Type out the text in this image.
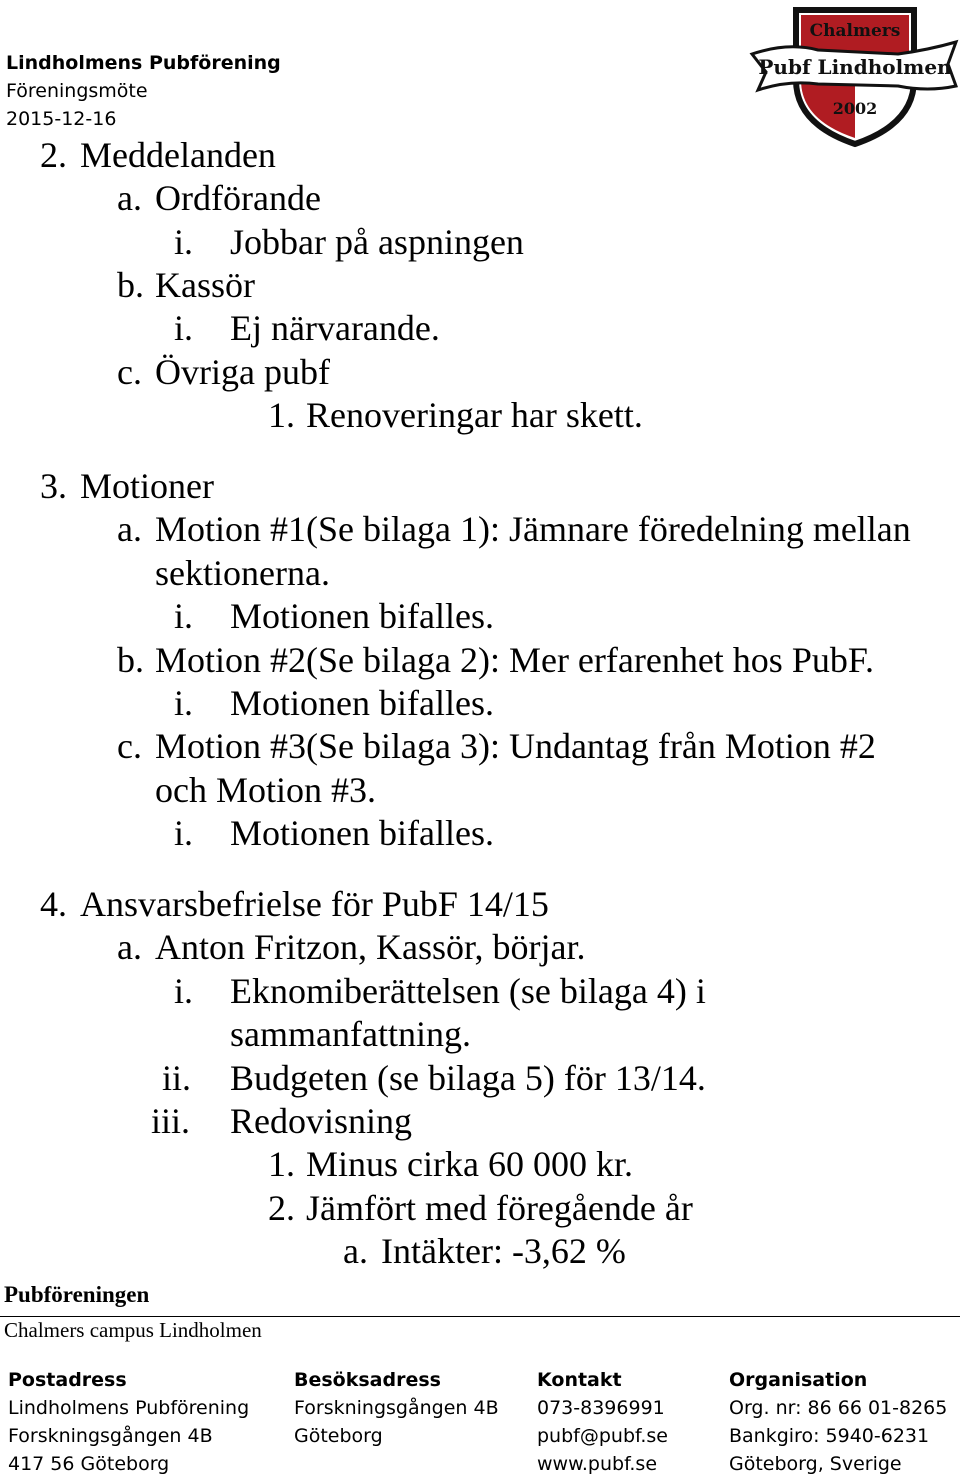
Lindholmens Pubförening
Föreningsmöte
2015-12-16
Chalmers
Pubf Lindholmen
2002
2. Meddelanden
a. Ordförande
i. Jobbar på aspningen
b. Kassör
i. Ej närvarande.
c. Övriga pubf
1. Renoveringar har skett.
3. Motioner
a. Motion #1(Se bilaga 1): Jämnare föredelning mellan
sektionerna.
i. Motionen bifalles.
b. Motion #2(Se bilaga 2): Mer erfarenhet hos PubF.
i. Motionen bifalles.
c. Motion #3(Se bilaga 3): Undantag från Motion #2
och Motion #3.
i. Motionen bifalles.
4. Ansvarsbefrielse för PubF 14/15
a. Anton Fritzon, Kassör, börjar.
i. Eknomiberättelsen (se bilaga 4) i
sammanfattning.
ii. Budgeten (se bilaga 5) för 13/14.
iii. Redovisning
1. Minus cirka 60 000 kr.
2. Jämfört med föregående år
a. Intäkter: -3,62 %
Pubföreningen
Chalmers campus Lindholmen
Postadress
Lindholmens Pubförening
Forskningsgången 4B
417 56 Göteborg
Besöksadress
Forskningsgången 4B
Göteborg
Kontakt
073-8396991
pubf@pubf.se
www.pubf.se
Organisation
Org. nr: 86 66 01-8265
Bankgiro: 5940-6231
Göteborg, Sverige
